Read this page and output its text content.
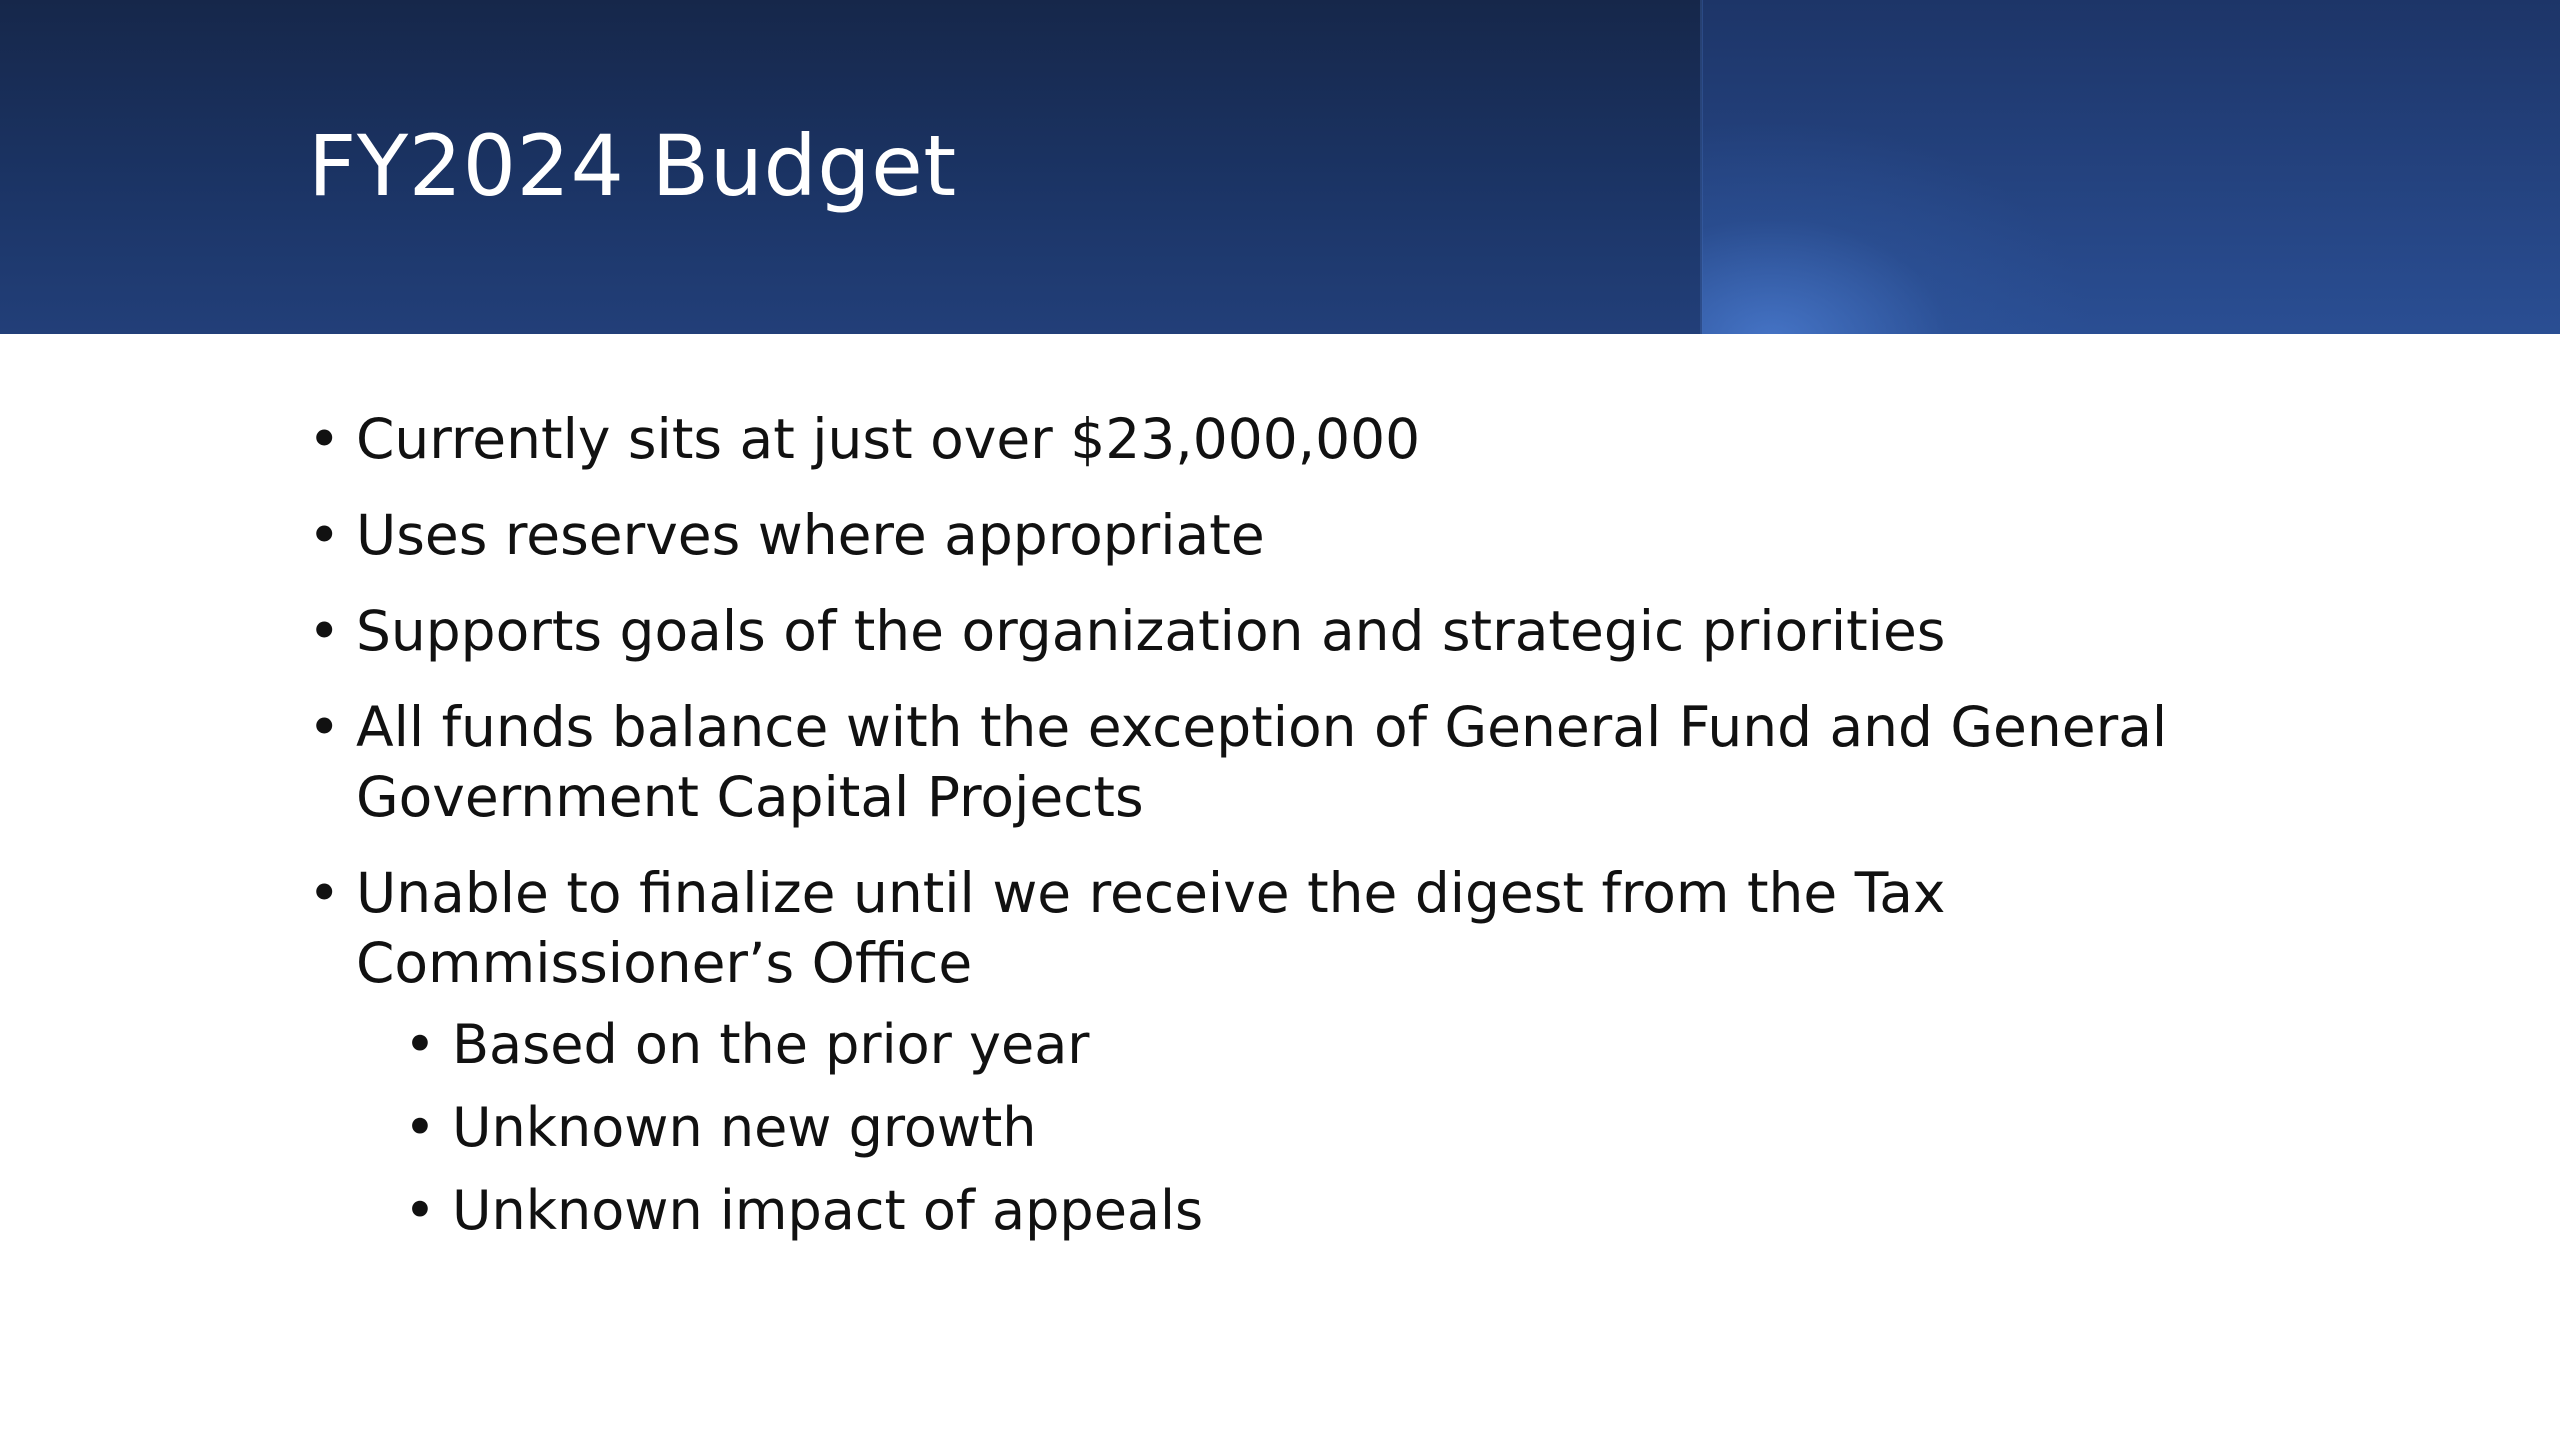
FY2024 Budget
• Currently sits at just over $23,000,000
• Uses reserves where appropriate
• Supports goals of the organization and strategic priorities
• All funds balance with the exception of General Fund and General Government Capital Projects
• Unable to finalize until we receive the digest from the Tax Commissioner’s Office
• Based on the prior year
• Unknown new growth
• Unknown impact of appeals
